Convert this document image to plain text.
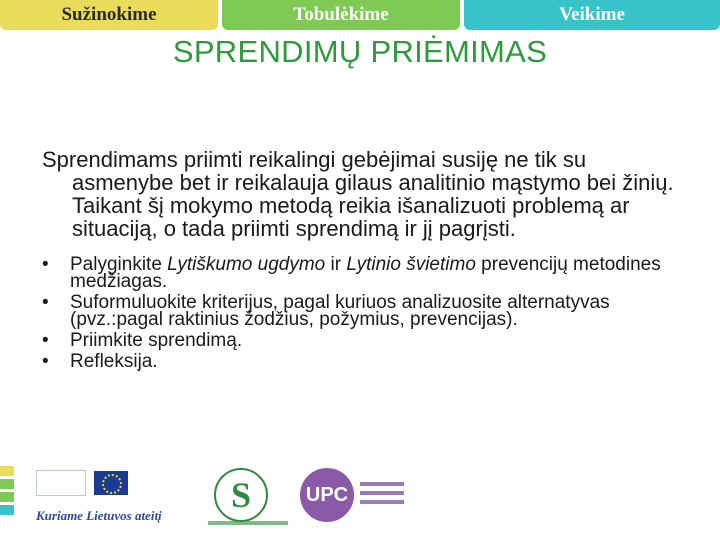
Sužinokime	Tobulėkime	Veikime
SPRENDIMŲ PRIĖMIMAS

Sprendimams priimti reikalingi gebėjimai susiję ne tik su asmenybe bet ir reikalauja gilaus analitinio mąstymo bei žinių. Taikant šį mokymo metodą reikia išanalizuoti problemą ar situaciją, o tada priimti sprendimą ir jį pagrįsti.

• Palyginkite Lytiškumo ugdymo ir Lytinio švietimo prevencijų metodines medžiagas.
• Suformuluokite kriterijus, pagal kuriuos analizuosite alternatyvas (pvz.:pagal raktinius žodžius, požymius, prevencijas).
• Priimkite sprendimą.
• Refleksija.
Kuriame Lietuvos ateitį
S	UPC
